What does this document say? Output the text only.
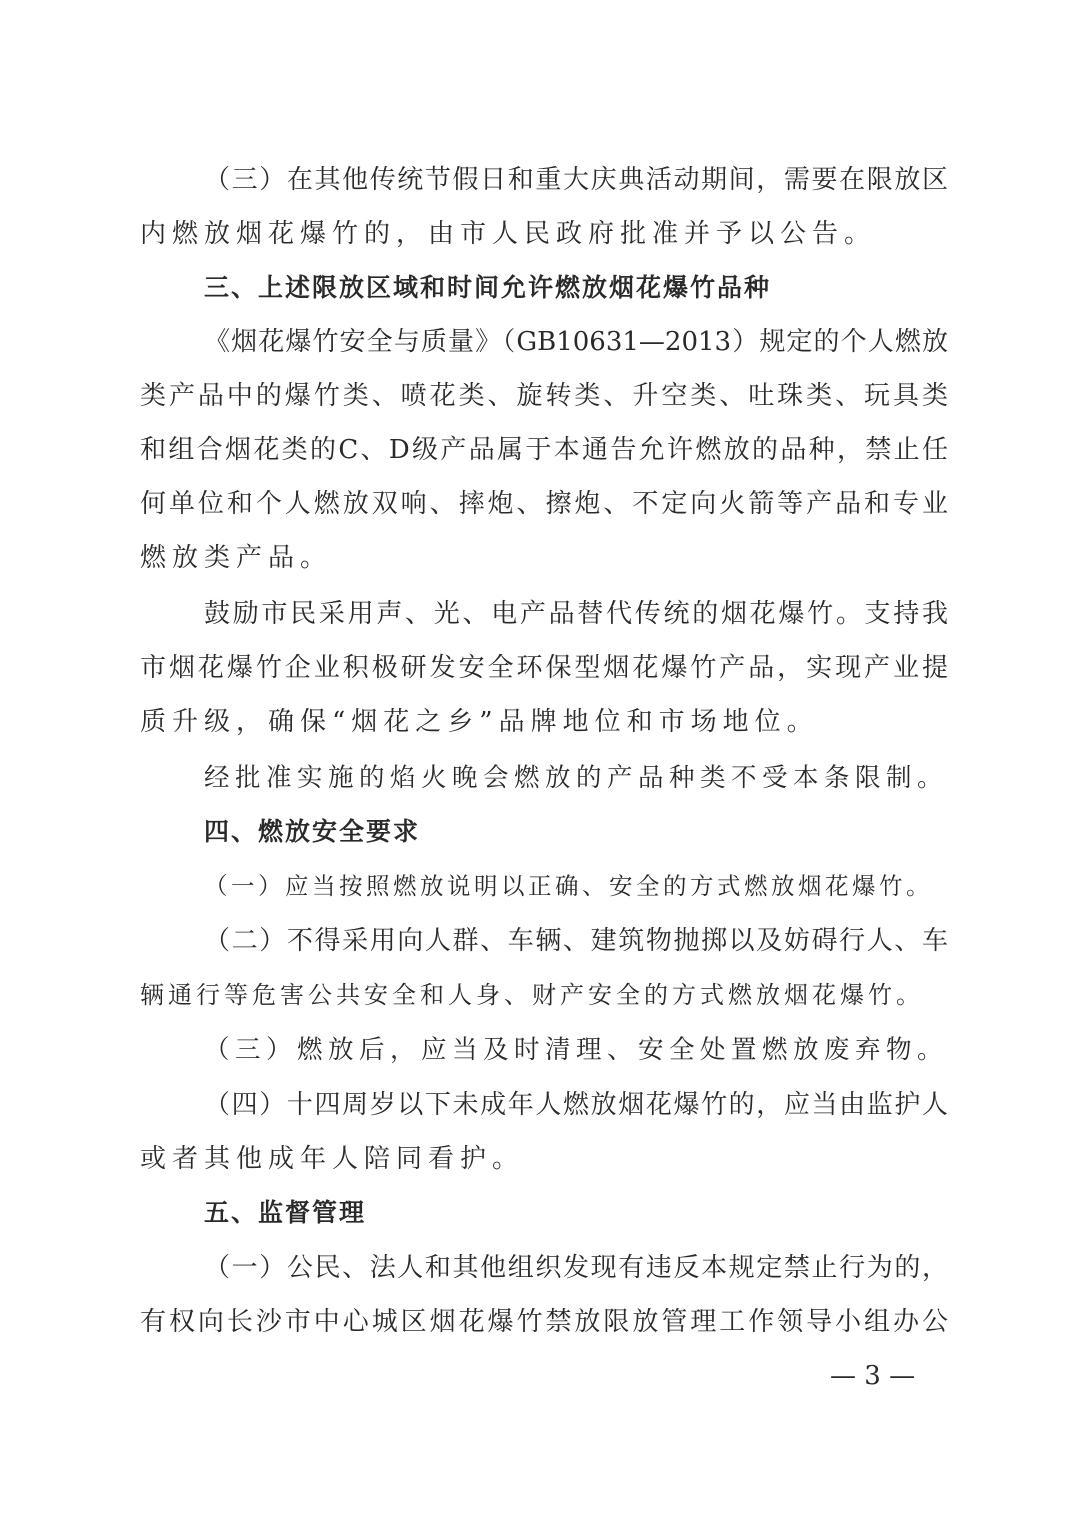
（三）在其他传统节假日和重大庆典活动期间，需要在限放区
内燃放烟花爆竹的，由市人民政府批准并予以公告。
三、上述限放区域和时间允许燃放烟花爆竹品种
《烟花爆竹安全与质量》（GB10631—2013）规定的个人燃放
类产品中的爆竹类、喷花类、旋转类、升空类、吐珠类、玩具类
和组合烟花类的C、D级产品属于本通告允许燃放的品种，禁止任
何单位和个人燃放双响、摔炮、擦炮、不定向火箭等产品和专业
燃放类产品。
鼓励市民采用声、光、电产品替代传统的烟花爆竹。支持我
市烟花爆竹企业积极研发安全环保型烟花爆竹产品，实现产业提
质升级，确保“烟花之乡”品牌地位和市场地位。
经批准实施的焰火晚会燃放的产品种类不受本条限制。
四、燃放安全要求
（一）应当按照燃放说明以正确、安全的方式燃放烟花爆竹。
（二）不得采用向人群、车辆、建筑物抛掷以及妨碍行人、车
辆通行等危害公共安全和人身、财产安全的方式燃放烟花爆竹。
（三）燃放后，应当及时清理、安全处置燃放废弃物。
（四）十四周岁以下未成年人燃放烟花爆竹的，应当由监护人
或者其他成年人陪同看护。
五、监督管理
（一）公民、法人和其他组织发现有违反本规定禁止行为的，
有权向长沙市中心城区烟花爆竹禁放限放管理工作领导小组办公
— 3 —
